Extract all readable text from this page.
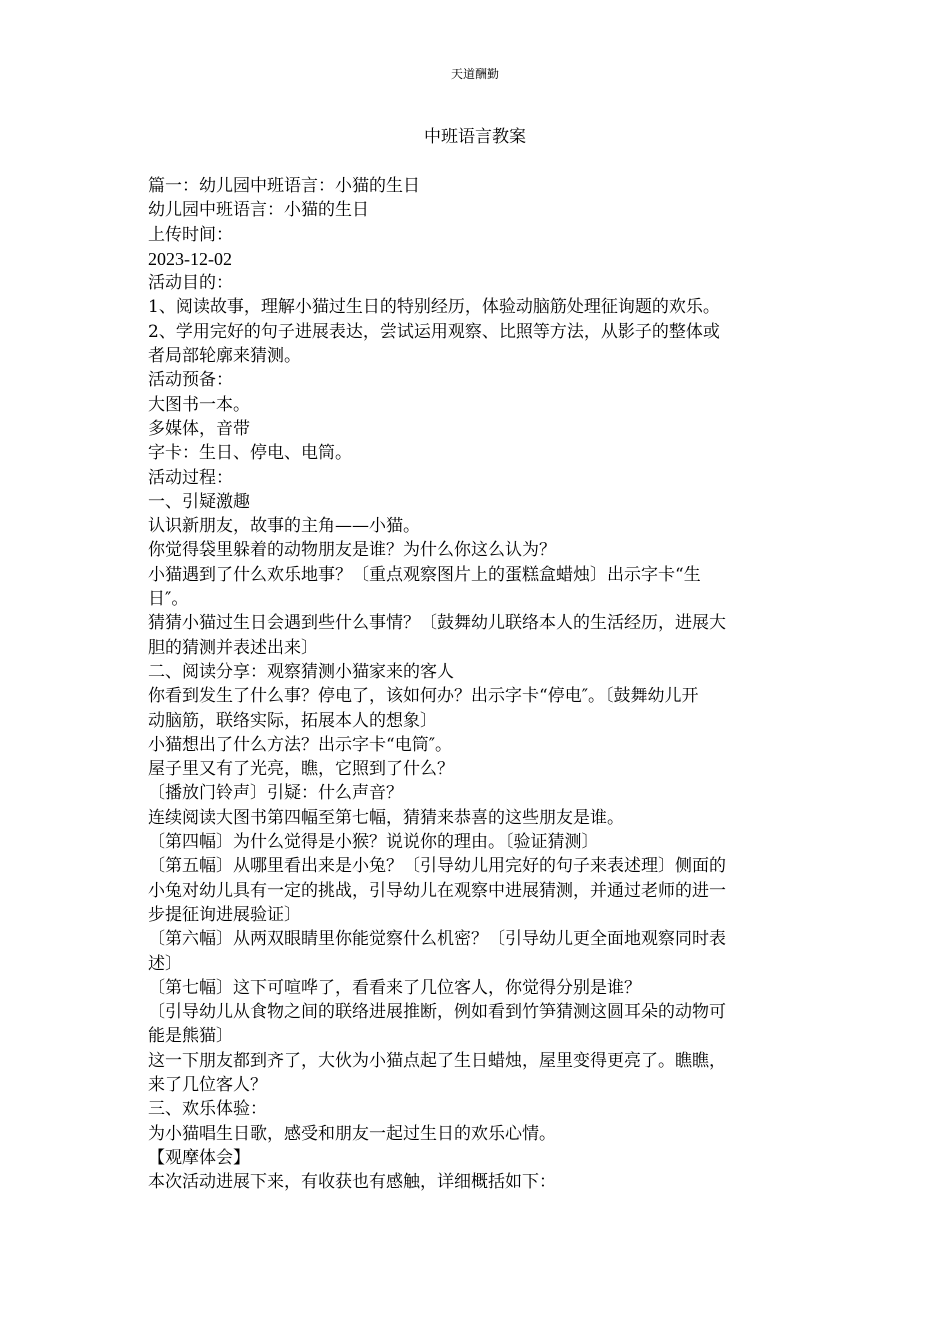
天道酬勤
中班语言教案
篇一：幼儿园中班语言：小猫的生日
幼儿园中班语言：小猫的生日
上传时间：
2023-12-02
活动目的：
1、阅读故事，理解小猫过生日的特别经历，体验动脑筋处理征询题的欢乐。
2、学用完好的句子进展表达，尝试运用观察、比照等方法，从影子的整体或
者局部轮廓来猜测。
活动预备：
大图书一本。
多媒体，音带
字卡：生日、停电、电筒。
活动过程：
一、引疑激趣
认识新朋友，故事的主角——小猫。
你觉得袋里躲着的动物朋友是谁？为什么你这么认为？
小猫遇到了什么欢乐地事？〔重点观察图片上的蛋糕盒蜡烛〕出示字卡“生
日″。
猜猜小猫过生日会遇到些什么事情？〔鼓舞幼儿联络本人的生活经历，进展大
胆的猜测并表述出来〕
二、阅读分享：观察猜测小猫家来的客人
你看到发生了什么事？停电了，该如何办？出示字卡“停电″。〔鼓舞幼儿开
动脑筋，联络实际，拓展本人的想象〕
小猫想出了什么方法？出示字卡“电筒″。
屋子里又有了光亮，瞧，它照到了什么？
〔播放门铃声〕引疑：什么声音？
连续阅读大图书第四幅至第七幅，猜猜来恭喜的这些朋友是谁。
〔第四幅〕为什么觉得是小猴？说说你的理由。〔验证猜测〕
〔第五幅〕从哪里看出来是小兔？〔引导幼儿用完好的句子来表述理〕侧面的
小兔对幼儿具有一定的挑战，引导幼儿在观察中进展猜测，并通过老师的进一
步提征询进展验证〕
〔第六幅〕从两双眼睛里你能觉察什么机密？〔引导幼儿更全面地观察同时表
述〕
〔第七幅〕这下可喧哗了，看看来了几位客人，你觉得分别是谁？
〔引导幼儿从食物之间的联络进展推断，例如看到竹笋猜测这圆耳朵的动物可
能是熊猫〕
这一下朋友都到齐了，大伙为小猫点起了生日蜡烛，屋里变得更亮了。瞧瞧，
来了几位客人？
三、欢乐体验：
为小猫唱生日歌，感受和朋友一起过生日的欢乐心情。
【观摩体会】
本次活动进展下来，有收获也有感触，详细概括如下：
